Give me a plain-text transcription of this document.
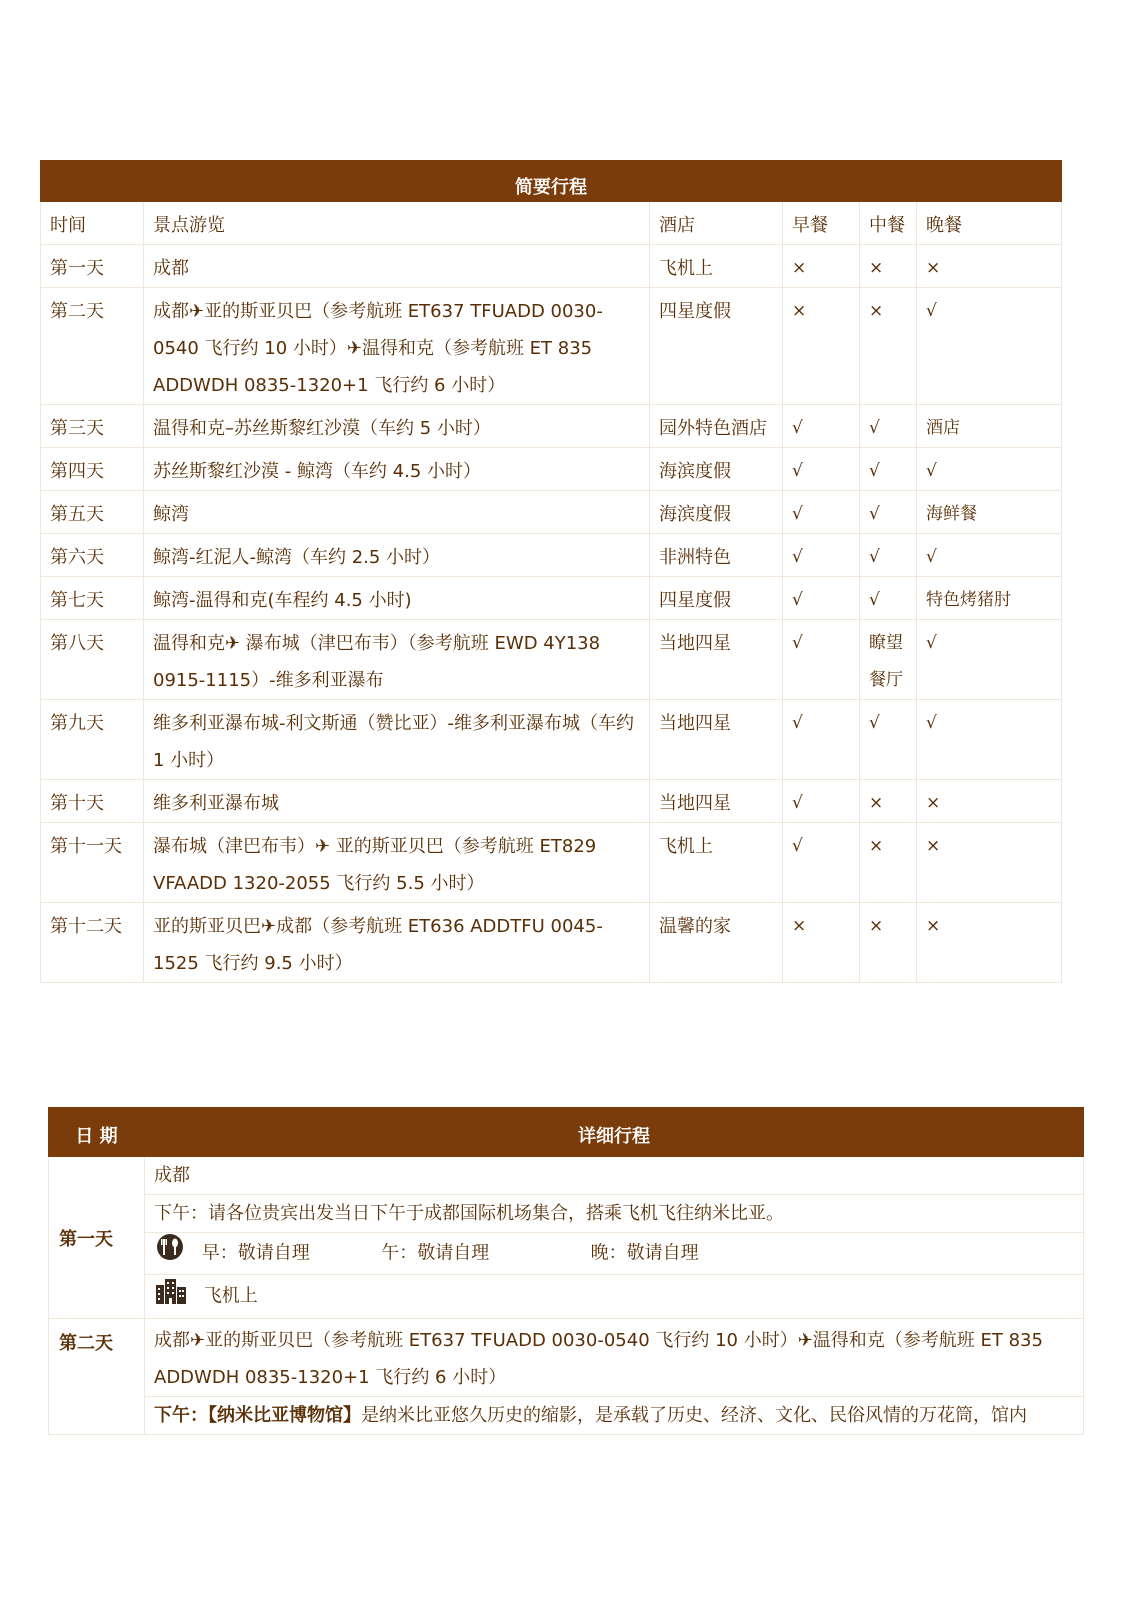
简要行程					
时间	景点游览	酒店	早餐	中餐	晚餐
第一天	成都	飞机上	×	×	×
第二天	成都✈亚的斯亚贝巴（参考航班 ET637 TFUADD 0030-0540 飞行约 10 小时）✈温得和克（参考航班 ET 835 ADDWDH 0835-1320+1 飞行约 6 小时）	四星度假	×	×	√
第三天	温得和克–苏丝斯黎红沙漠（车约 5 小时）	园外特色酒店	√	√	酒店
第四天	苏丝斯黎红沙漠 - 鲸湾（车约 4.5 小时）	海滨度假	√	√	√
第五天	鲸湾	海滨度假	√	√	海鲜餐
第六天	鲸湾-红泥人-鲸湾（车约 2.5 小时）	非洲特色	√	√	√
第七天	鲸湾-温得和克(车程约 4.5 小时)	四星度假	√	√	特色烤猪肘
第八天	温得和克✈ 瀑布城（津巴布韦）（参考航班 EWD 4Y138 0915-1115）-维多利亚瀑布	当地四星	√	瞭望餐厅	√
第九天	维多利亚瀑布城-利文斯通（赞比亚）-维多利亚瀑布城（车约 1 小时）	当地四星	√	√	√
第十天	维多利亚瀑布城	当地四星	√	×	×
第十一天	瀑布城（津巴布韦）✈ 亚的斯亚贝巴（参考航班 ET829 VFAADD 1320-2055 飞行约 5.5 小时）	飞机上	√	×	×
第十二天	亚的斯亚贝巴✈成都（参考航班 ET636 ADDTFU 0045-1525 飞行约 9.5 小时）	温馨的家	×	×	×
日 期	详细行程
第一天	成都
	下午：请各位贵宾出发当日下午于成都国际机场集合，搭乘飞机飞往纳米比亚。
	早：敬请自理 午：敬请自理 晚：敬请自理
	飞机上
第二天	成都✈亚的斯亚贝巴（参考航班 ET637 TFUADD 0030-0540 飞行约 10 小时）✈温得和克（参考航班 ET 835 ADDWDH 0835-1320+1 飞行约 6 小时）
	下午：【纳米比亚博物馆】是纳米比亚悠久历史的缩影，是承载了历史、经济、文化、民俗风情的万花筒，馆内
